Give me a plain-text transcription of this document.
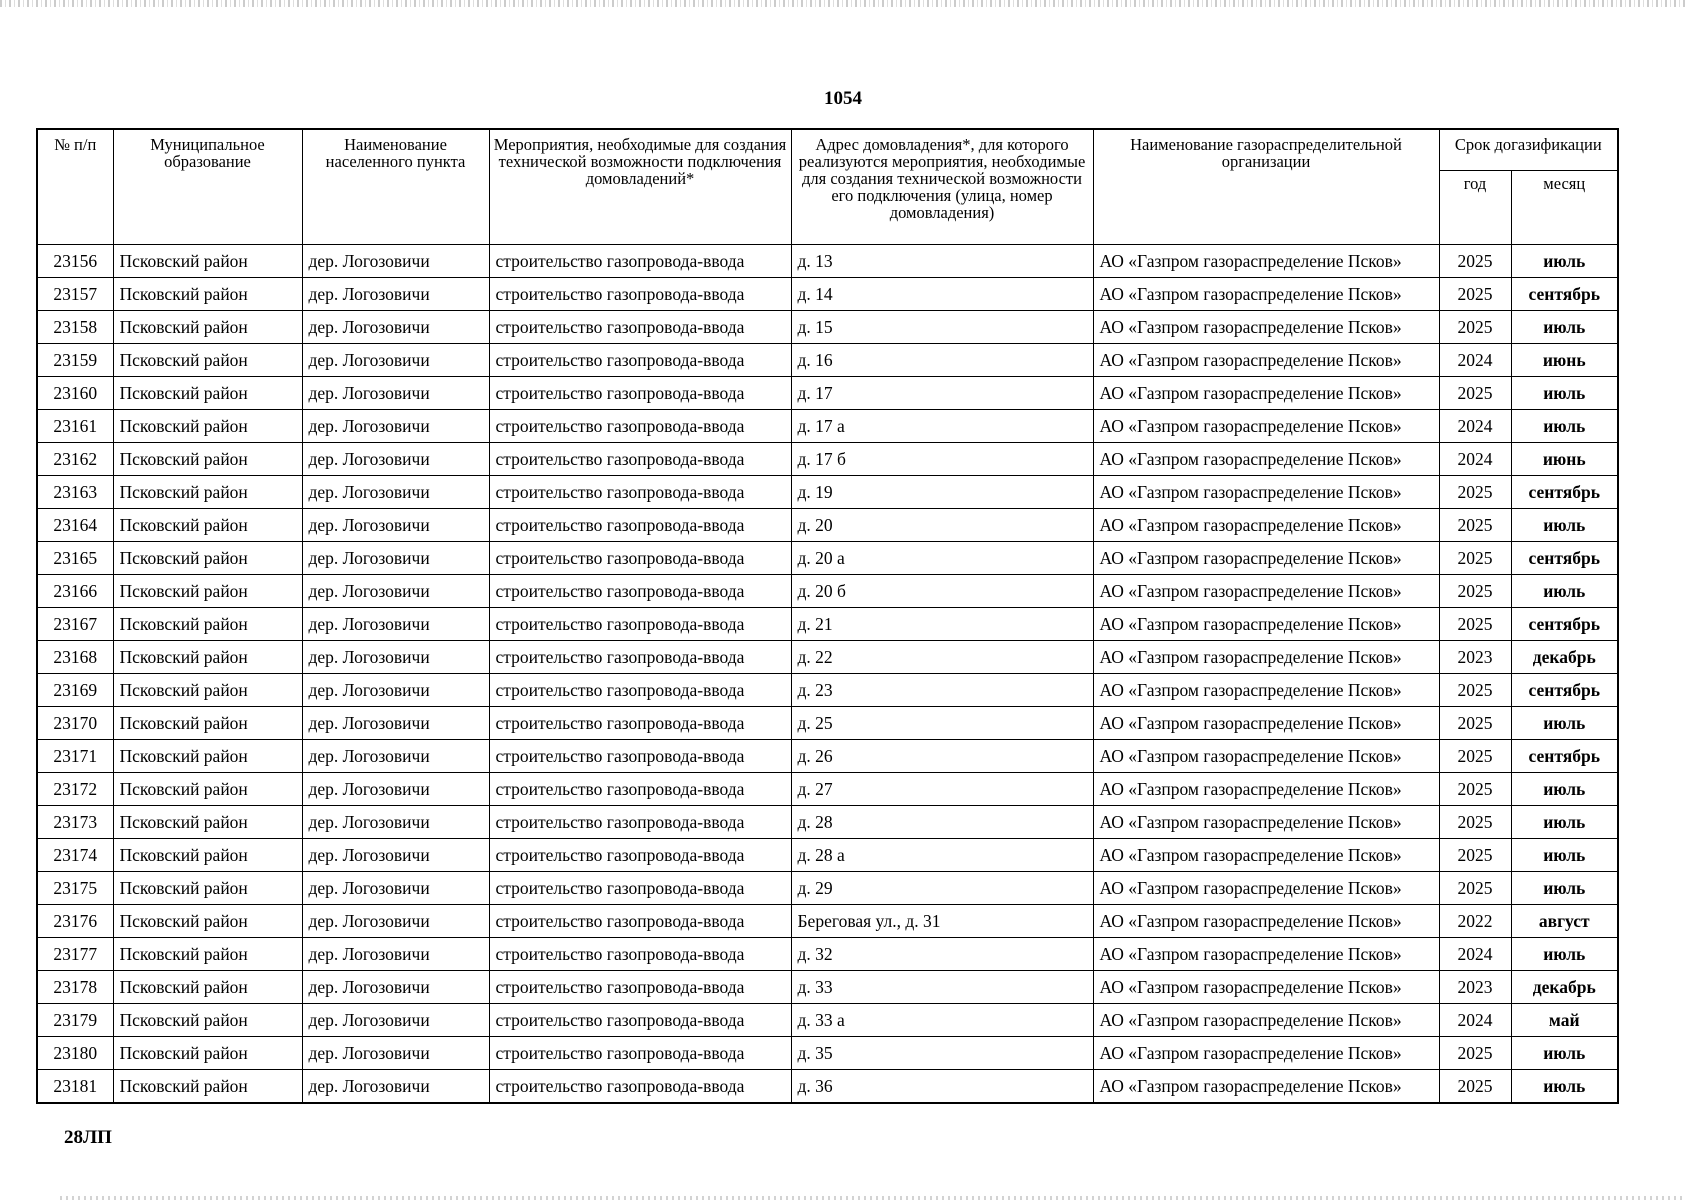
1054
№ п/п	Муниципальное образование	Наименование населенного пункта	Мероприятия, необходимые для создания технической возможности подключения домовладений*	Адрес домовладения*, для которого реализуются мероприятия, необходимые для создания технической возможности его подключения (улица, номер домовладения)	Наименование газораспределительной организации	Срок догазификации	
						год	месяц
23156	Псковский район	дер. Логозовичи	строительство газопровода-ввода	д. 13	АО «Газпром газораспределение Псков»	2025	июль
23157	Псковский район	дер. Логозовичи	строительство газопровода-ввода	д. 14	АО «Газпром газораспределение Псков»	2025	сентябрь
23158	Псковский район	дер. Логозовичи	строительство газопровода-ввода	д. 15	АО «Газпром газораспределение Псков»	2025	июль
23159	Псковский район	дер. Логозовичи	строительство газопровода-ввода	д. 16	АО «Газпром газораспределение Псков»	2024	июнь
23160	Псковский район	дер. Логозовичи	строительство газопровода-ввода	д. 17	АО «Газпром газораспределение Псков»	2025	июль
23161	Псковский район	дер. Логозовичи	строительство газопровода-ввода	д. 17 а	АО «Газпром газораспределение Псков»	2024	июль
23162	Псковский район	дер. Логозовичи	строительство газопровода-ввода	д. 17 б	АО «Газпром газораспределение Псков»	2024	июнь
23163	Псковский район	дер. Логозовичи	строительство газопровода-ввода	д. 19	АО «Газпром газораспределение Псков»	2025	сентябрь
23164	Псковский район	дер. Логозовичи	строительство газопровода-ввода	д. 20	АО «Газпром газораспределение Псков»	2025	июль
23165	Псковский район	дер. Логозовичи	строительство газопровода-ввода	д. 20 а	АО «Газпром газораспределение Псков»	2025	сентябрь
23166	Псковский район	дер. Логозовичи	строительство газопровода-ввода	д. 20 б	АО «Газпром газораспределение Псков»	2025	июль
23167	Псковский район	дер. Логозовичи	строительство газопровода-ввода	д. 21	АО «Газпром газораспределение Псков»	2025	сентябрь
23168	Псковский район	дер. Логозовичи	строительство газопровода-ввода	д. 22	АО «Газпром газораспределение Псков»	2023	декабрь
23169	Псковский район	дер. Логозовичи	строительство газопровода-ввода	д. 23	АО «Газпром газораспределение Псков»	2025	сентябрь
23170	Псковский район	дер. Логозовичи	строительство газопровода-ввода	д. 25	АО «Газпром газораспределение Псков»	2025	июль
23171	Псковский район	дер. Логозовичи	строительство газопровода-ввода	д. 26	АО «Газпром газораспределение Псков»	2025	сентябрь
23172	Псковский район	дер. Логозовичи	строительство газопровода-ввода	д. 27	АО «Газпром газораспределение Псков»	2025	июль
23173	Псковский район	дер. Логозовичи	строительство газопровода-ввода	д. 28	АО «Газпром газораспределение Псков»	2025	июль
23174	Псковский район	дер. Логозовичи	строительство газопровода-ввода	д. 28 а	АО «Газпром газораспределение Псков»	2025	июль
23175	Псковский район	дер. Логозовичи	строительство газопровода-ввода	д. 29	АО «Газпром газораспределение Псков»	2025	июль
23176	Псковский район	дер. Логозовичи	строительство газопровода-ввода	Береговая ул., д. 31	АО «Газпром газораспределение Псков»	2022	август
23177	Псковский район	дер. Логозовичи	строительство газопровода-ввода	д. 32	АО «Газпром газораспределение Псков»	2024	июль
23178	Псковский район	дер. Логозовичи	строительство газопровода-ввода	д. 33	АО «Газпром газораспределение Псков»	2023	декабрь
23179	Псковский район	дер. Логозовичи	строительство газопровода-ввода	д. 33 а	АО «Газпром газораспределение Псков»	2024	май
23180	Псковский район	дер. Логозовичи	строительство газопровода-ввода	д. 35	АО «Газпром газораспределение Псков»	2025	июль
23181	Псковский район	дер. Логозовичи	строительство газопровода-ввода	д. 36	АО «Газпром газораспределение Псков»	2025	июль
28ЛП
